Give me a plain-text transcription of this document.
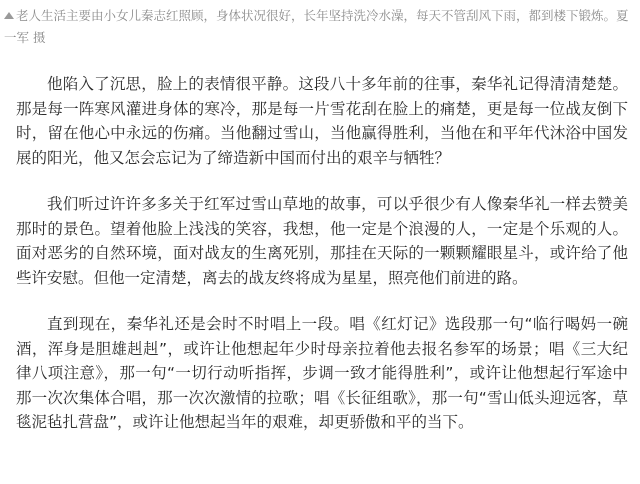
老人生活主要由小女儿秦志红照顾，身体状况很好，长年坚持洗冷水澡，每天不管刮风下雨，都到楼下锻炼。夏一军 摄

他陷入了沉思，脸上的表情很平静。这段八十多年前的往事，秦华礼记得清清楚楚。那是每一阵寒风灌进身体的寒冷，那是每一片雪花刮在脸上的痛楚，更是每一位战友倒下时，留在他心中永远的伤痛。当他翻过雪山，当他赢得胜利，当他在和平年代沐浴中国发展的阳光，他又怎会忘记为了缔造新中国而付出的艰辛与牺牲？

我们听过许许多多关于红军过雪山草地的故事，可以乎很少有人像秦华礼一样去赞美那时的景色。望着他脸上浅浅的笑容，我想，他一定是个浪漫的人，一定是个乐观的人。面对恶劣的自然环境，面对战友的生离死别，那挂在天际的一颗颗耀眼星斗，或许给了他些许安慰。但他一定清楚，离去的战友终将成为星星，照亮他们前进的路。

直到现在，秦华礼还是会时不时唱上一段。唱《红灯记》选段那一句“临行喝妈一碗酒，浑身是胆雄赳赳”，或许让他想起年少时母亲拉着他去报名参军的场景；唱《三大纪律八项注意》，那一句“一切行动听指挥，步调一致才能得胜利”，或许让他想起行军途中那一次次集体合唱，那一次次激情的拉歌；唱《长征组歌》，那一句“雪山低头迎远客，草毯泥毡扎营盘”，或许让他想起当年的艰难，却更骄傲和平的当下。
